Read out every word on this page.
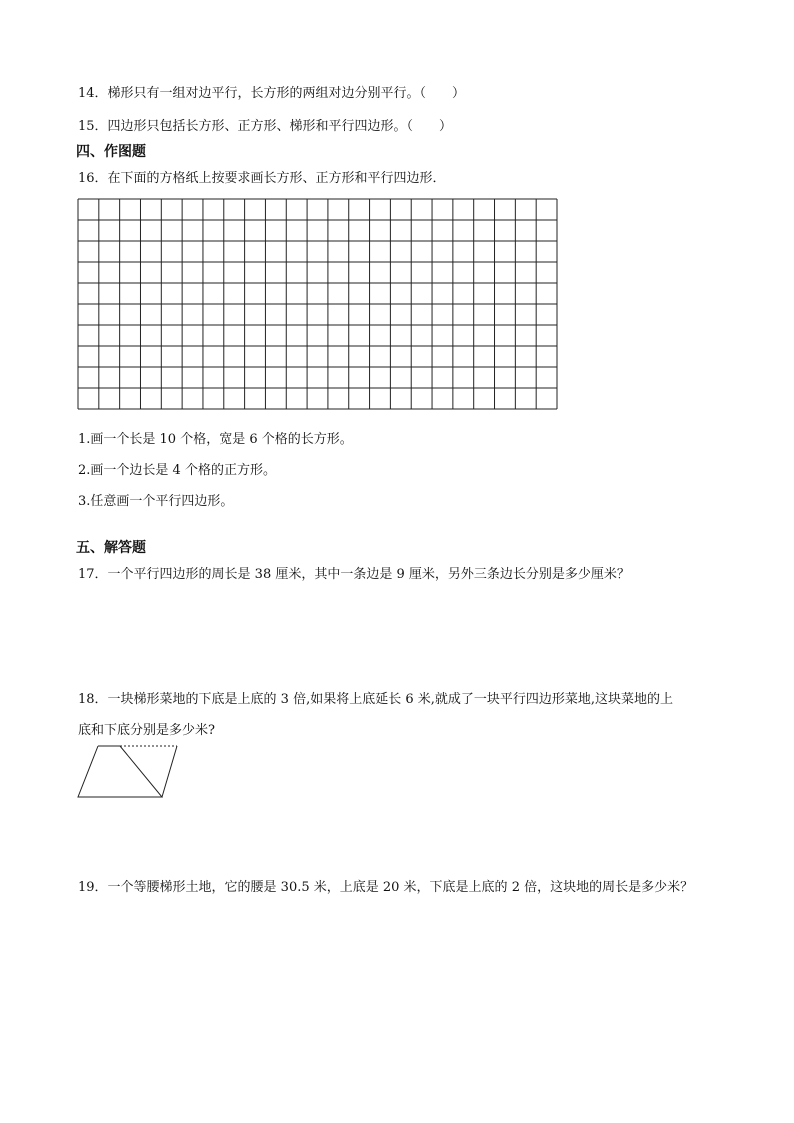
14．梯形只有一组对边平行，长方形的两组对边分别平行。（　　）
15．四边形只包括长方形、正方形、梯形和平行四边形。（　　）
四、作图题
16．在下面的方格纸上按要求画长方形、正方形和平行四边形．
1.画一个长是 10 个格，宽是 6 个格的长方形。
2.画一个边长是 4 个格的正方形。
3.任意画一个平行四边形。
五、解答题
17．一个平行四边形的周长是 38 厘米，其中一条边是 9 厘米，另外三条边长分别是多少厘米？
18．一块梯形菜地的下底是上底的 3 倍,如果将上底延长 6 米,就成了一块平行四边形菜地,这块菜地的上
底和下底分别是多少米?
19．一个等腰梯形土地，它的腰是 30.5 米，上底是 20 米，下底是上底的 2 倍，这块地的周长是多少米？
